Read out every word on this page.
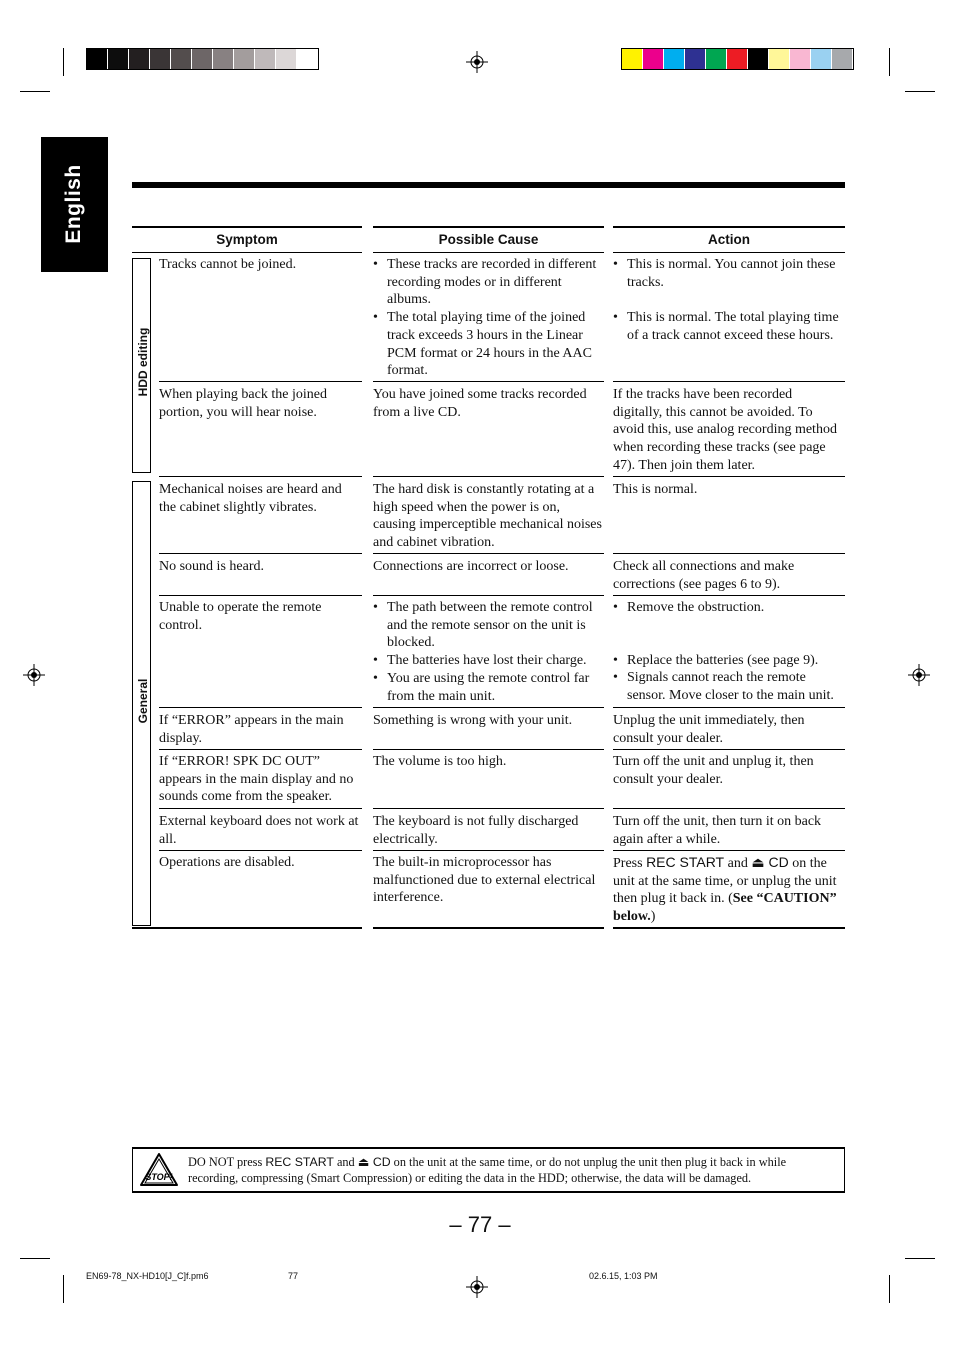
English	Symptom	Possible Cause	Action
HDD editing
General
Tracks cannot be joined.
•	These tracks are recorded in different recording modes or in different albums.
• The total playing time of the joined track exceeds 3 hours in the Linear PCM format or 24 hours in the AAC format.
• This is normal. You cannot join these tracks.
• This is normal. The total playing time of a track cannot exceed these hours.
When playing back the joined portion, you will hear noise.
You have joined some tracks recorded from a live CD.
If the tracks have been recorded digitally, this cannot be avoided. To avoid this, use analog recording method when recording these tracks (see page 47). Then join them later.
Mechanical noises are heard and the cabinet slightly vibrates.
The hard disk is constantly rotating at a high speed when the power is on, causing imperceptible mechanical noises and cabinet vibration.
This is normal.
No sound is heard.	Connections are incorrect or loose.	Check all connections and make corrections (see pages 6 to 9).
Unable to operate the remote control.
• The path between the remote control and the remote sensor on the unit is blocked.
• The batteries have lost their charge.
• You are using the remote control far from the main unit.
• Remove the obstruction.
• Replace the batteries (see page 9).
• Signals cannot reach the remote sensor. Move closer to the main unit.
If “ERROR” appears in the main display.
Something is wrong with your unit.	Unplug the unit immediately, then consult your dealer.
If “ERROR! SPK DC OUT” appears in the main display and no sounds come from the speaker.
The volume is too high.	Turn off the unit and unplug it, then consult your dealer.
External keyboard does not work at all.
The keyboard is not fully discharged electrically.
Turn off the unit, then turn it on back again after a while.
Operations are disabled.	The built-in microprocessor has malfunctioned due to external electrical interference.
Press REC START and ⏏ CD on the unit at the same time, or unplug the unit then plug it back in. (See “CAUTION” below.)
STOP!
DO NOT press REC START and ⏏ CD on the unit at the same time, or do not unplug the unit then plug it back in while recording, compressing (Smart Compression) or editing the data in the HDD; otherwise, the data will be damaged.
– 77 –
EN69-78_NX-HD10[J_C]f.pm6	77	02.6.15, 1:03 PM
